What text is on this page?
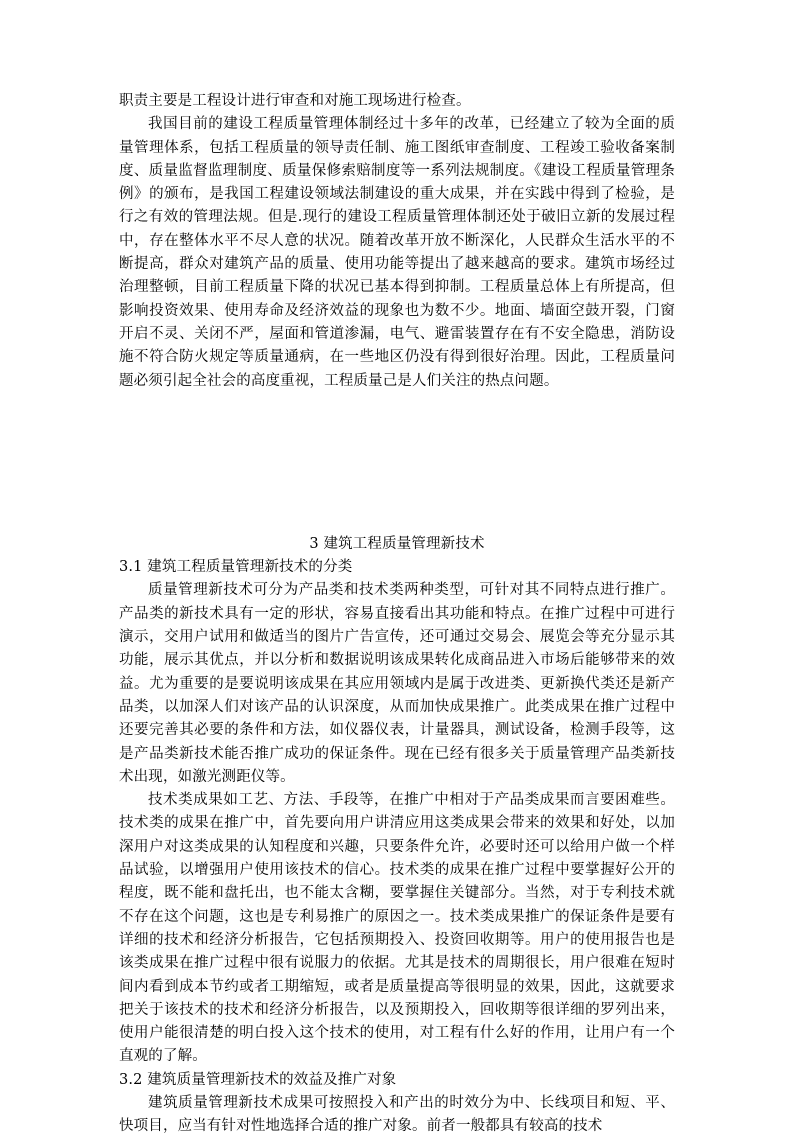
职责主要是工程设计进行审查和对施工现场进行检查。

我国目前的建设工程质量管理体制经过十多年的改革，已经建立了较为全面的质量管理体系，包括工程质量的领导责任制、施工图纸审查制度、工程竣工验收备案制度、质量监督监理制度、质量保修索赔制度等一系列法规制度。《建设工程质量管理条例》的颁布，是我国工程建设领域法制建设的重大成果，并在实践中得到了检验，是行之有效的管理法规。但是.现行的建设工程质量管理体制还处于破旧立新的发展过程中，存在整体水平不尽人意的状况。随着改革开放不断深化，人民群众生活水平的不断提高，群众对建筑产品的质量、使用功能等提出了越来越高的要求。建筑市场经过治理整顿，目前工程质量下降的状况已基本得到抑制。工程质量总体上有所提高，但影响投资效果、使用寿命及经济效益的现象也为数不少。地面、墙面空鼓开裂，门窗开启不灵、关闭不严，屋面和管道渗漏，电气、避雷装置存在有不安全隐患，消防设施不符合防火规定等质量通病，在一些地区仍没有得到很好治理。因此，工程质量问题必须引起全社会的高度重视，工程质量己是人们关注的热点问题。

3 建筑工程质量管理新技术

3.1 建筑工程质量管理新技术的分类

质量管理新技术可分为产品类和技术类两种类型，可针对其不同特点进行推广。产品类的新技术具有一定的形状，容易直接看出其功能和特点。在推广过程中可进行演示，交用户试用和做适当的图片广告宣传，还可通过交易会、展览会等充分显示其功能，展示其优点，并以分析和数据说明该成果转化成商品进入市场后能够带来的效益。尤为重要的是要说明该成果在其应用领域内是属于改进类、更新换代类还是新产品类，以加深人们对该产品的认识深度，从而加快成果推广。此类成果在推广过程中还要完善其必要的条件和方法，如仪器仪表，计量器具，测试设备，检测手段等，这是产品类新技术能否推广成功的保证条件。现在已经有很多关于质量管理产品类新技术出现，如激光测距仪等。

技术类成果如工艺、方法、手段等，在推广中相对于产品类成果而言要困难些。技术类的成果在推广中，首先要向用户讲清应用这类成果会带来的效果和好处，以加深用户对这类成果的认知程度和兴趣，只要条件允许，必要时还可以给用户做一个样品试验，以增强用户使用该技术的信心。技术类的成果在推广过程中要掌握好公开的程度，既不能和盘托出，也不能太含糊，要掌握住关键部分。当然，对于专利技术就不存在这个问题，这也是专利易推广的原因之一。技术类成果推广的保证条件是要有详细的技术和经济分析报告，它包括预期投入、投资回收期等。用户的使用报告也是该类成果在推广过程中很有说服力的依据。尤其是技术的周期很长，用户很难在短时间内看到成本节约或者工期缩短，或者是质量提高等很明显的效果，因此，这就要求把关于该技术的技术和经济分析报告，以及预期投入，回收期等很详细的罗列出来，使用户能很清楚的明白投入这个技术的使用，对工程有什么好的作用，让用户有一个直观的了解。

3.2 建筑质量管理新技术的效益及推广对象

建筑质量管理新技术成果可按照投入和产出的时效分为中、长线项目和短、平、快项目，应当有针对性地选择合适的推广对象。前者一般都具有较高的技术
